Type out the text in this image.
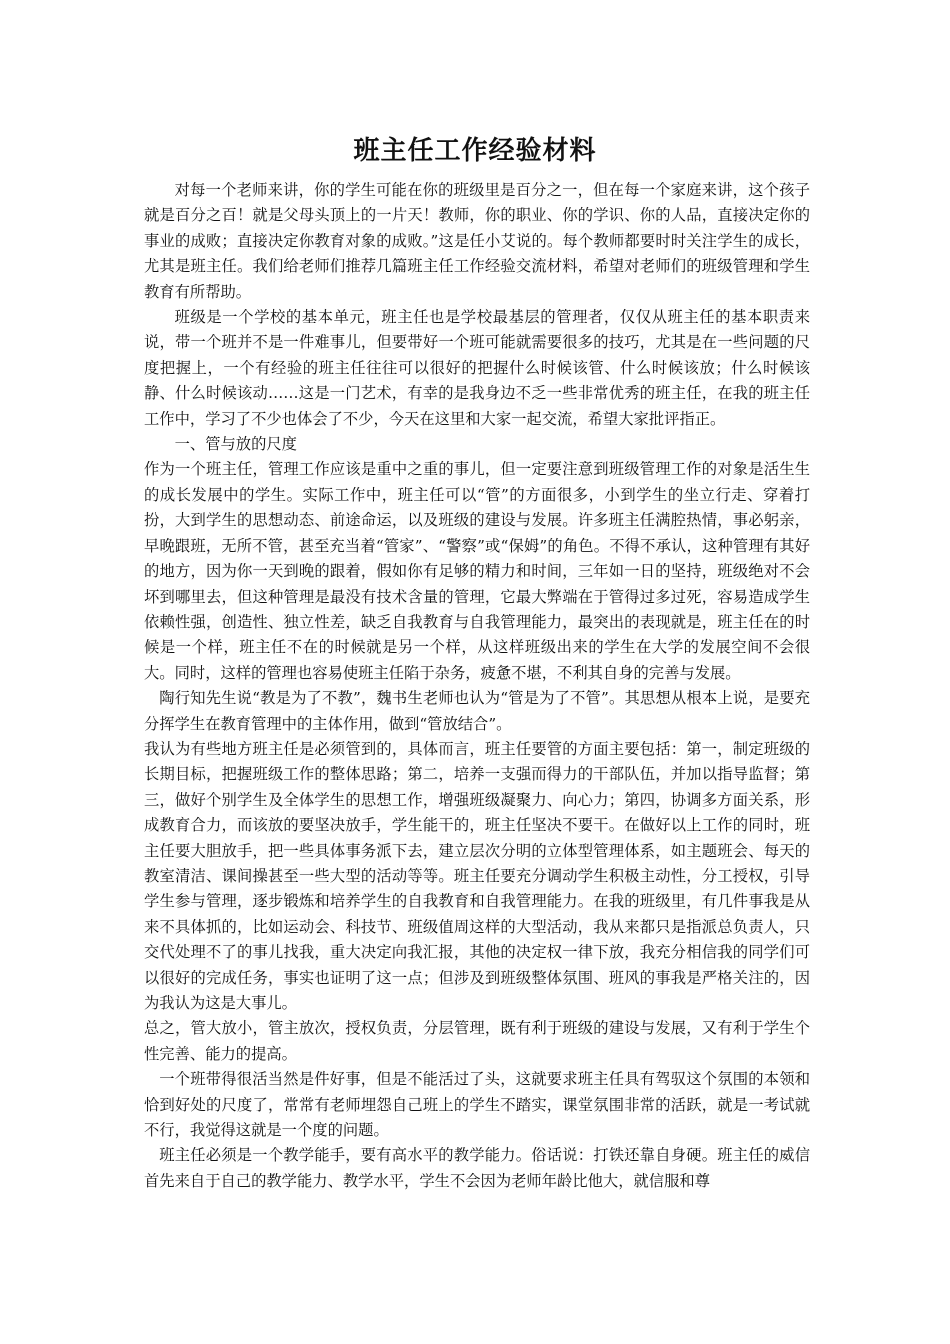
班主任工作经验材料

对每一个老师来讲，你的学生可能在你的班级里是百分之一，但在每一个家庭来讲，这个孩子就是百分之百！就是父母头顶上的一片天！教师，你的职业、你的学识、你的人品，直接决定你的事业的成败；直接决定你教育对象的成败。”这是任小艾说的。每个教师都要时时关注学生的成长，尤其是班主任。我们给老师们推荐几篇班主任工作经验交流材料，希望对老师们的班级管理和学生教育有所帮助。

班级是一个学校的基本单元，班主任也是学校最基层的管理者，仅仅从班主任的基本职责来说，带一个班并不是一件难事儿，但要带好一个班可能就需要很多的技巧，尤其是在一些问题的尺度把握上，一个有经验的班主任往往可以很好的把握什么时候该管、什么时候该放；什么时候该静、什么时候该动……这是一门艺术，有幸的是我身边不乏一些非常优秀的班主任，在我的班主任工作中，学习了不少也体会了不少，今天在这里和大家一起交流，希望大家批评指正。

一、管与放的尺度

作为一个班主任，管理工作应该是重中之重的事儿，但一定要注意到班级管理工作的对象是活生生的成长发展中的学生。实际工作中，班主任可以“管”的方面很多，小到学生的坐立行走、穿着打扮，大到学生的思想动态、前途命运，以及班级的建设与发展。许多班主任满腔热情，事必躬亲，早晚跟班，无所不管，甚至充当着“管家”、“警察”或“保姆”的角色。不得不承认，这种管理有其好的地方，因为你一天到晚的跟着，假如你有足够的精力和时间，三年如一日的坚持，班级绝对不会坏到哪里去，但这种管理是最没有技术含量的管理，它最大弊端在于管得过多过死，容易造成学生依赖性强，创造性、独立性差，缺乏自我教育与自我管理能力，最突出的表现就是，班主任在的时候是一个样，班主任不在的时候就是另一个样，从这样班级出来的学生在大学的发展空间不会很大。同时，这样的管理也容易使班主任陷于杂务，疲惫不堪，不利其自身的完善与发展。

陶行知先生说“教是为了不教”，魏书生老师也认为“管是为了不管”。其思想从根本上说，是要充分挥学生在教育管理中的主体作用，做到“管放结合”。

我认为有些地方班主任是必须管到的，具体而言，班主任要管的方面主要包括：第一，制定班级的长期目标，把握班级工作的整体思路；第二，培养一支强而得力的干部队伍，并加以指导监督；第三，做好个别学生及全体学生的思想工作，增强班级凝聚力、向心力；第四，协调多方面关系，形成教育合力，而该放的要坚决放手，学生能干的，班主任坚决不要干。在做好以上工作的同时，班主任要大胆放手，把一些具体事务派下去，建立层次分明的立体型管理体系，如主题班会、每天的教室清洁、课间操甚至一些大型的活动等等。班主任要充分调动学生积极主动性，分工授权，引导学生参与管理，逐步锻炼和培养学生的自我教育和自我管理能力。在我的班级里，有几件事我是从来不具体抓的，比如运动会、科技节、班级值周这样的大型活动，我从来都只是指派总负责人，只交代处理不了的事儿找我，重大决定向我汇报，其他的决定权一律下放，我充分相信我的同学们可以很好的完成任务，事实也证明了这一点；但涉及到班级整体氛围、班风的事我是严格关注的，因为我认为这是大事儿。

总之，管大放小，管主放次，授权负责，分层管理，既有利于班级的建设与发展，又有利于学生个性完善、能力的提高。

一个班带得很活当然是件好事，但是不能活过了头，这就要求班主任具有驾驭这个氛围的本领和恰到好处的尺度了，常常有老师埋怨自己班上的学生不踏实，课堂氛围非常的活跃，就是一考试就不行，我觉得这就是一个度的问题。

班主任必须是一个教学能手，要有高水平的教学能力。俗话说：打铁还靠自身硬。班主任的威信首先来自于自己的教学能力、教学水平，学生不会因为老师年龄比他大，就信服和尊
